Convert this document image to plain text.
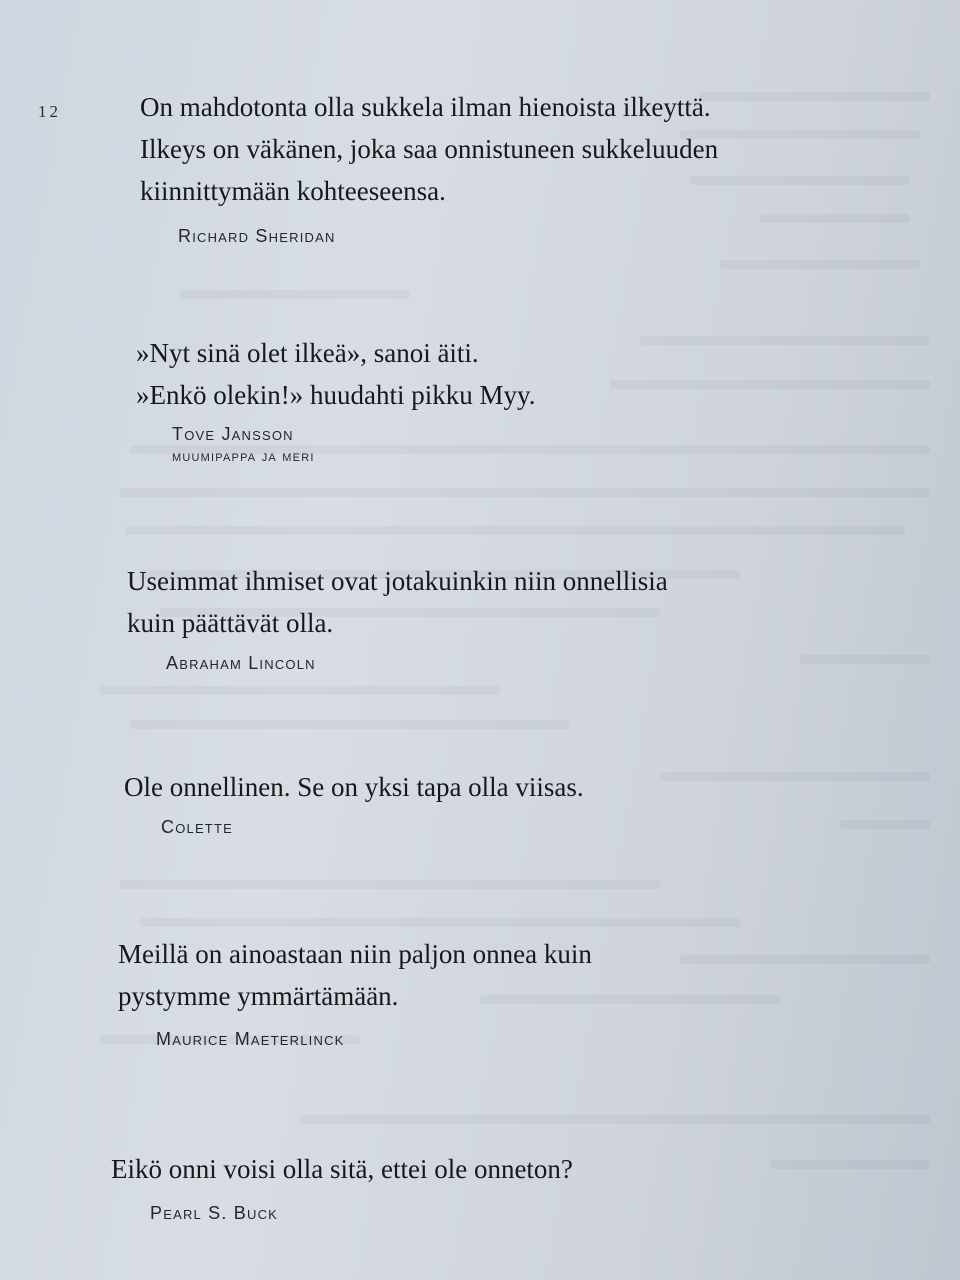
12	On mahdotonta olla sukkela ilman hienoista ilkeyttä.
Ilkeys on väkänen, joka saa onnistuneen sukkeluuden
kiinnittymään kohteeseensa.
Richard Sheridan
»Nyt sinä olet ilkeä», sanoi äiti.
»Enkö olekin!» huudahti pikku Myy.
Tove Jansson
muumipappa ja meri
Useimmat ihmiset ovat jotakuinkin niin onnellisia
kuin päättävät olla.
Abraham Lincoln
Ole onnellinen. Se on yksi tapa olla viisas.
Colette
Meillä on ainoastaan niin paljon onnea kuin
pystymme ymmärtämään.
Maurice Maeterlinck
Eikö onni voisi olla sitä, ettei ole onneton?
Pearl S. Buck
